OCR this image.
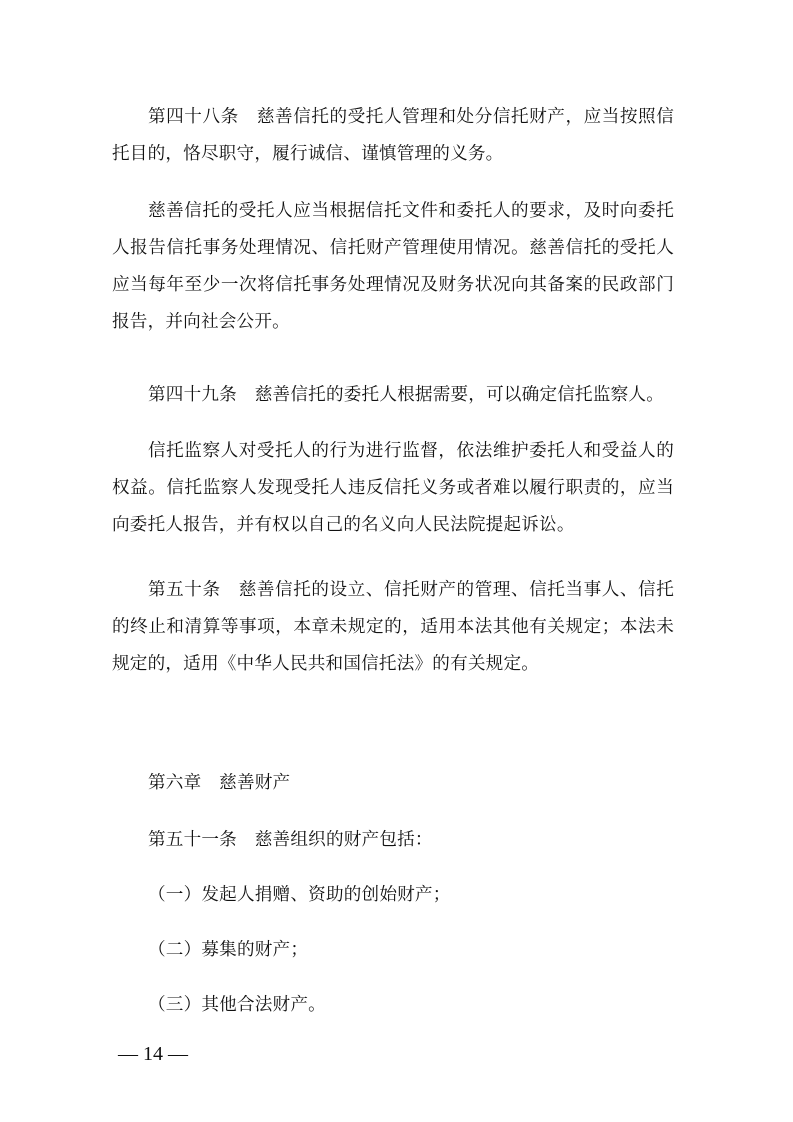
第四十八条　慈善信托的受托人管理和处分信托财产，应当按照信托目的，恪尽职守，履行诚信、谨慎管理的义务。

慈善信托的受托人应当根据信托文件和委托人的要求，及时向委托人报告信托事务处理情况、信托财产管理使用情况。慈善信托的受托人应当每年至少一次将信托事务处理情况及财务状况向其备案的民政部门报告，并向社会公开。

第四十九条　慈善信托的委托人根据需要，可以确定信托监察人。

信托监察人对受托人的行为进行监督，依法维护委托人和受益人的权益。信托监察人发现受托人违反信托义务或者难以履行职责的，应当向委托人报告，并有权以自己的名义向人民法院提起诉讼。

第五十条　慈善信托的设立、信托财产的管理、信托当事人、信托的终止和清算等事项，本章未规定的，适用本法其他有关规定；本法未规定的，适用《中华人民共和国信托法》的有关规定。

第六章　慈善财产

第五十一条　慈善组织的财产包括：

（一）发起人捐赠、资助的创始财产；

（二）募集的财产；

（三）其他合法财产。

— 14 —
